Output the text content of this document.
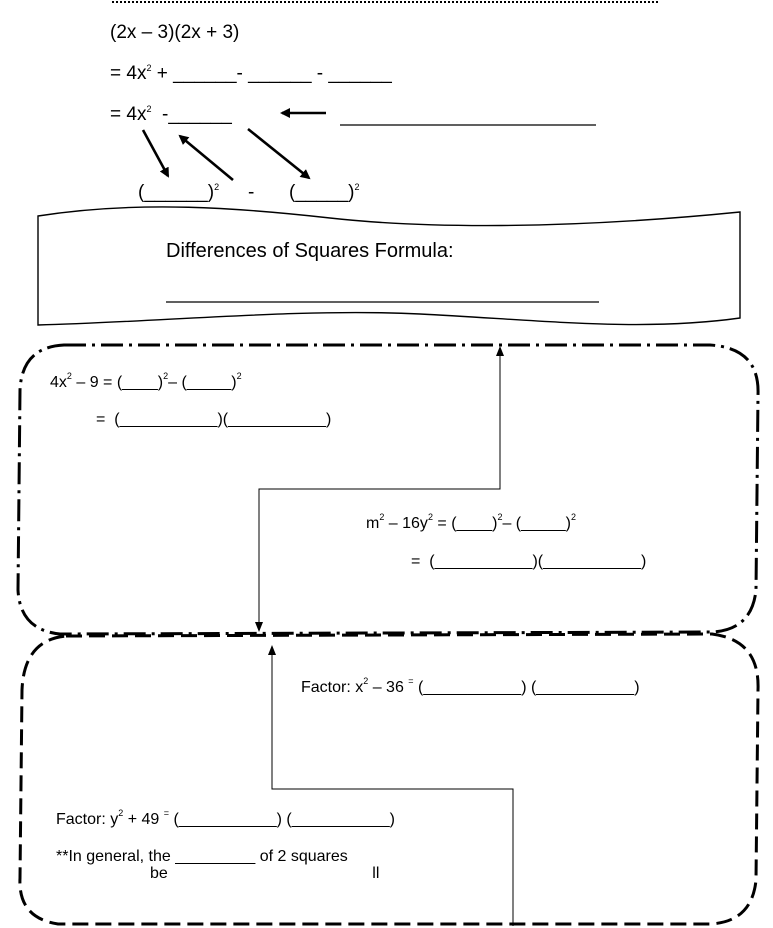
(2x – 3)(2x + 3)
= $4x^2$ + ______- ______ - ______
= $4x^2$  -______
(______)$^2$ - (_____)$^2$
Differences of Squares Formula:
$4x^2 - 9$ = (____)$^2$– (_____)$^2$
=  (___________)(___________)
$m^2 - 16y^2$ = (____)$^2$– (_____)$^2$
=  (___________)(___________)
Factor: $x^2 - 36$ = (___________) (___________)
Factor: $y^2 + 49$ = (___________) (___________)
**In general, the _________ of 2 squares
be                                              ll
